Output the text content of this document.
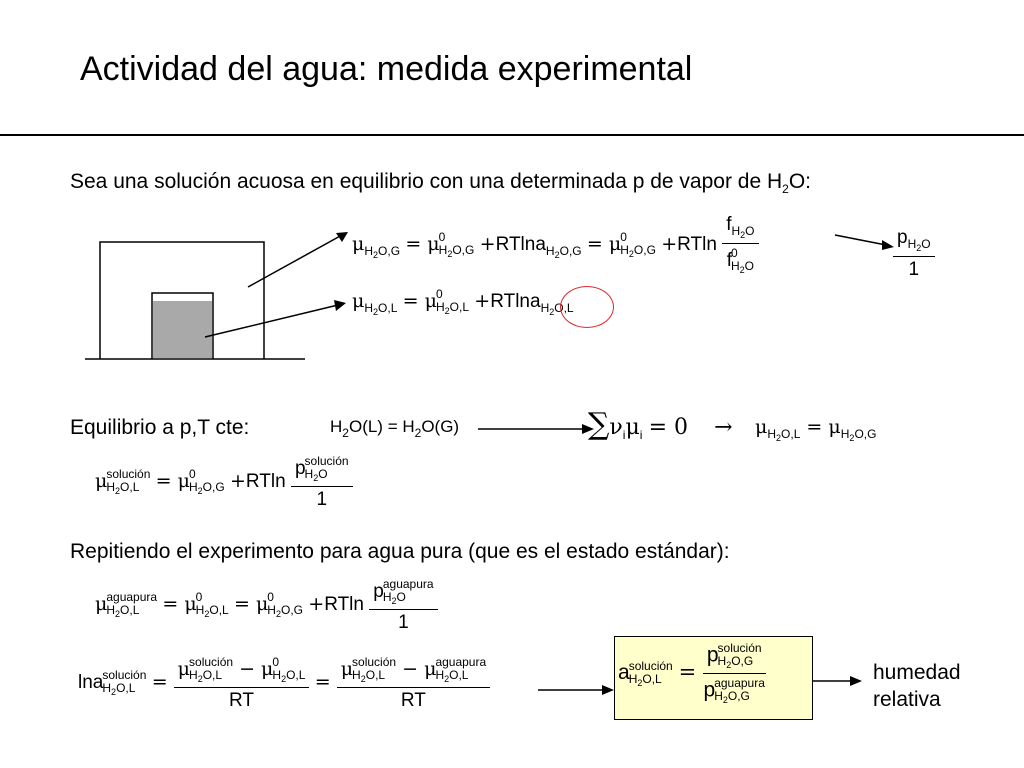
Actividad del agua: medida experimental
Sea una solución acuosa en equilibrio con una determinada p de vapor de $H_2O$:
$\mu_{H_2O,G} = \mu$ 0
$H_2O,G +RTlna_{H_2O,G} = \mu$ 0
$H_2O,G +RTln$ $f_{H_2O}$
f 0
$H_2O$	$\frac{p_{H_2O}}{1}$
$\mu_{H_2O,L} = \mu$ 0
$H_2O,L +RTlna_{H_2O,L}$
Equilibrio a p,T cte:	$H_2O(L) = H_2O(G)$	$\sum\nu_i\mu_i = 0 \to \mu_{H_2O,L} = \mu_{H_2O,G}$
μ solución
$H_2O,L = \mu$ 0
$H_2O,G +RTln$ p solución
$H_2O$
1
Repitiendo el experimento para agua pura (que es el estado estándar):
μ aguapura
$H_2O,L$	= μ 0
$H_2O,L = \mu$ 0
$H_2O,G +RTln$ p aguapura
$H_2O$
1
lna solución
$H_2O,L = \mu$ solución
$H_2O,L - \mu$ 0
$H_2O,L$
RT = μ solución
$H_2O,L - \mu$ aguapura
$H_2O,L$
RT	a solución
$H_2O,L = p$ solución
$H_2O,G$
p aguapura
$H_2O,G$	humedad
relativa
